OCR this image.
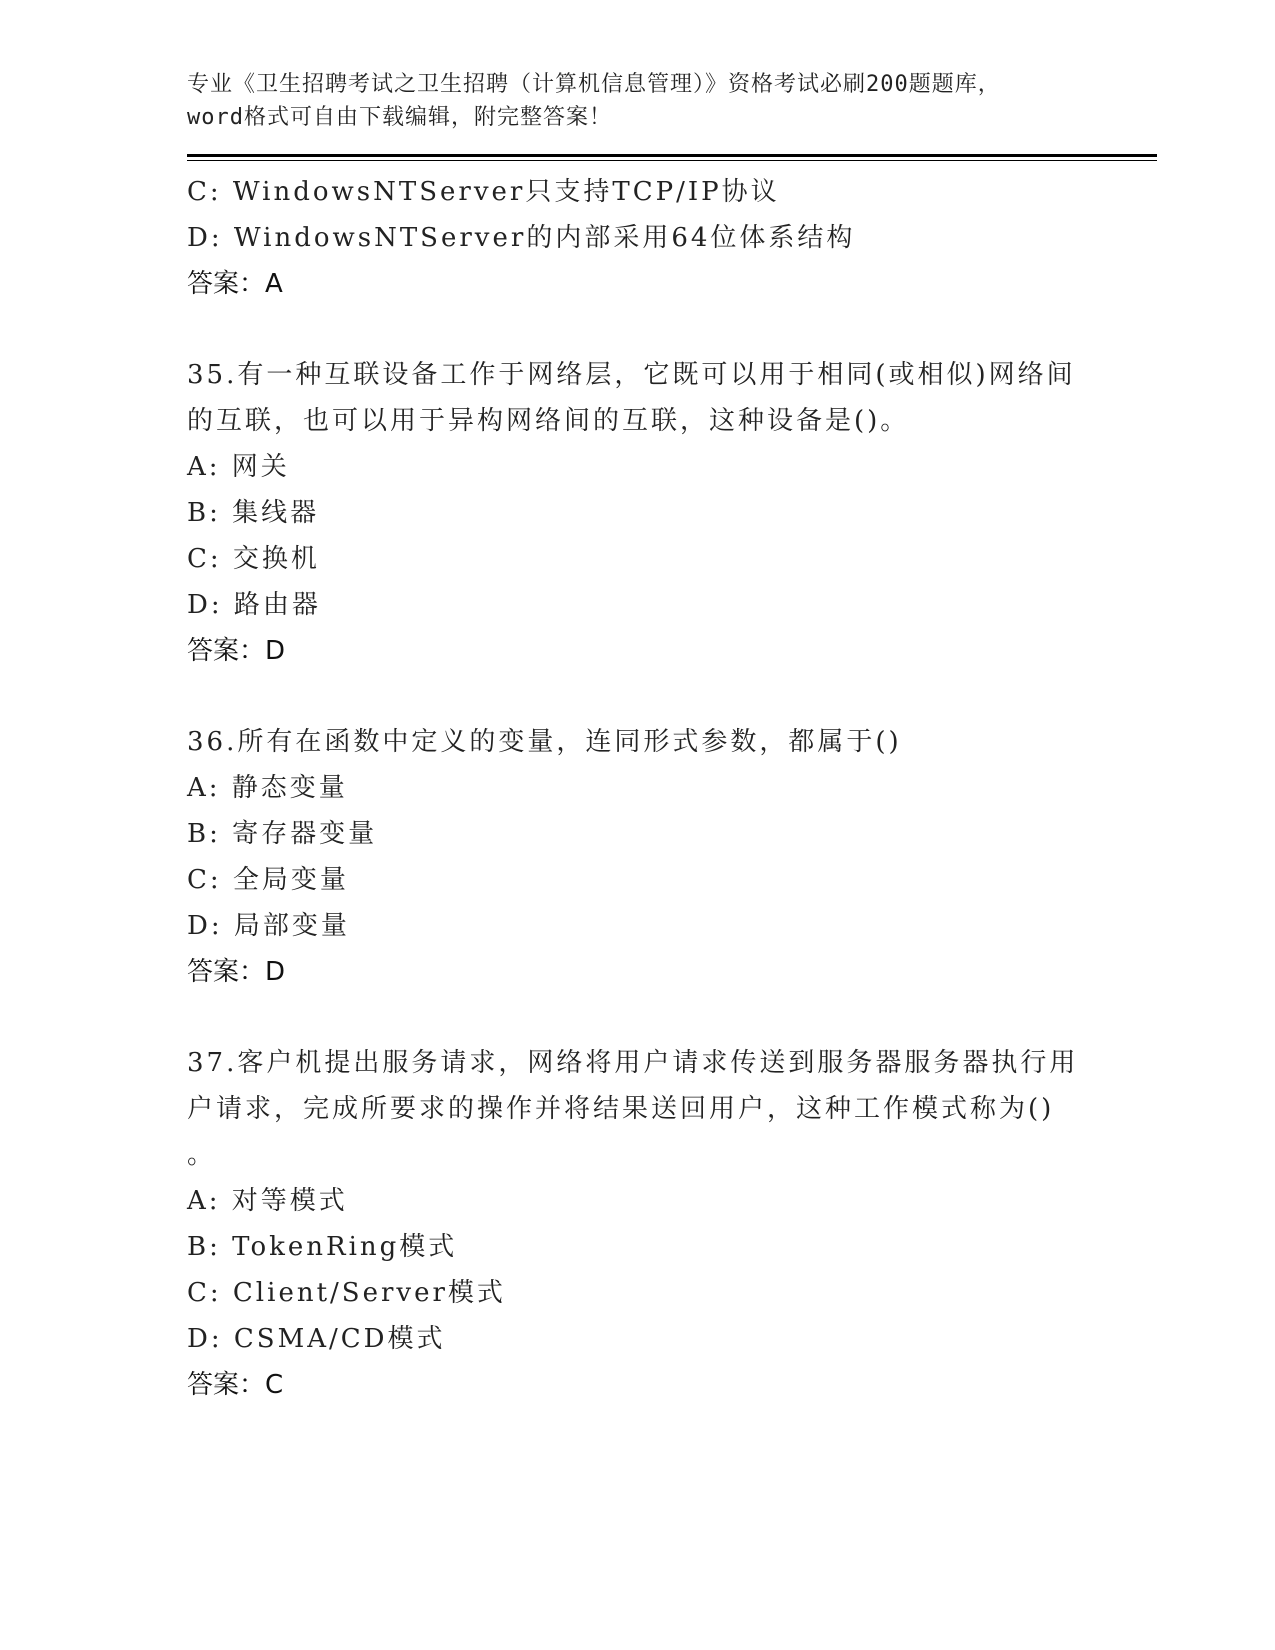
专业《卫生招聘考试之卫生招聘（计算机信息管理）》资格考试必刷200题题库，
word格式可自由下载编辑，附完整答案！
C: WindowsNTServer只支持TCP/IP协议
D: WindowsNTServer的内部采用64位体系结构
答案：A
35.有一种互联设备工作于网络层，它既可以用于相同(或相似)网络间
的互联，也可以用于异构网络间的互联，这种设备是()。
A: 网关
B: 集线器
C: 交换机
D: 路由器
答案：D
36.所有在函数中定义的变量，连同形式参数，都属于()
A: 静态变量
B: 寄存器变量
C: 全局变量
D: 局部变量
答案：D
37.客户机提出服务请求，网络将用户请求传送到服务器服务器执行用
户请求，完成所要求的操作并将结果送回用户，这种工作模式称为()
。
A: 对等模式
B: TokenRing模式
C: Client/Server模式
D: CSMA/CD模式
答案：C
